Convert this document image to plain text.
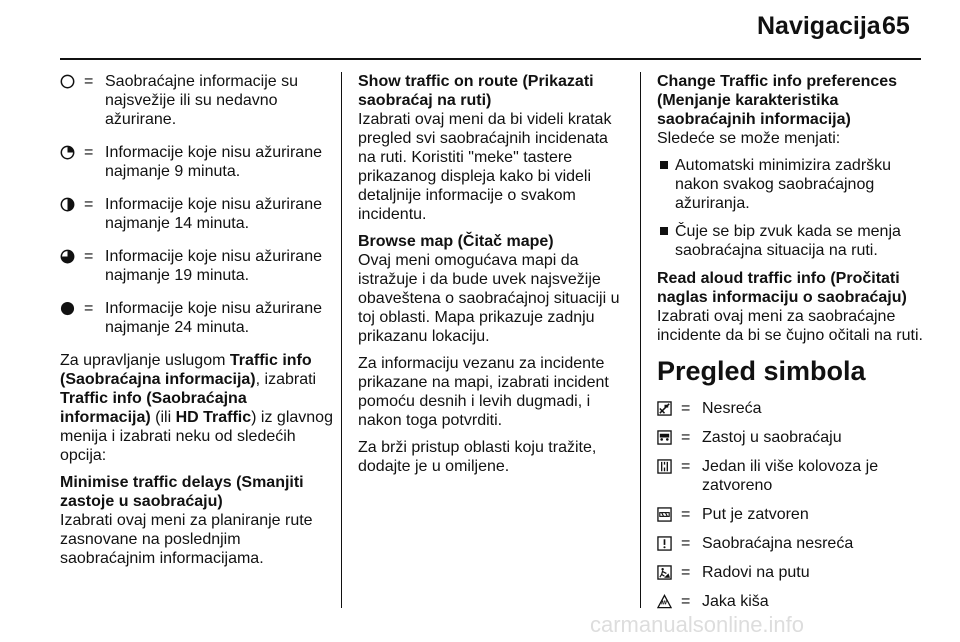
Navigacija 65
= Saobraćajne informacije su najsvežije ili su nedavno ažurirane.
= Informacije koje nisu ažurirane najmanje 9 minuta.
= Informacije koje nisu ažurirane najmanje 14 minuta.
= Informacije koje nisu ažurirane najmanje 19 minuta.
= Informacije koje nisu ažurirane najmanje 24 minuta.

Za upravljanje uslugom Traffic info (Saobraćajna informacija), izabrati Traffic info (Saobraćajna informacija) (ili HD Traffic) iz glavnog menija i izabrati neku od sledećih opcija:

Minimise traffic delays (Smanjiti zastoje u saobraćaju)
Izabrati ovaj meni za planiranje rute zasnovane na poslednjim saobraćajnim informacijama.
Show traffic on route (Prikazati saobraćaj na ruti)
Izabrati ovaj meni da bi videli kratak pregled svi saobraćajnih incidenata na ruti. Koristiti "meke" tastere prikazanog displeja kako bi videli detaljnije informacije o svakom incidentu.
Browse map (Čitač mape)
Ovaj meni omogućava mapi da istražuje i da bude uvek najsvežije obaveštena o saobraćajnoj situaciji u toj oblasti. Mapa prikazuje zadnju prikazanu lokaciju.
Za informaciju vezanu za incidente prikazane na mapi, izabrati incident pomoću desnih i levih dugmadi, i nakon toga potvrditi.
Za brži pristup oblasti koju tražite, dodajte je u omiljene.
Change Traffic info preferences (Menjanje karakteristika saobraćajnih informacija)
Sledeće se može menjati:
Automatski minimizira zadršku nakon svakog saobraćajnog ažuriranja.
Čuje se bip zvuk kada se menja saobraćajna situacija na ruti.
Read aloud traffic info (Pročitati naglas informaciju o saobraćaju)
Izabrati ovaj meni za saobraćajne incidente da bi se čujno očitali na ruti.
Pregled simbola
= Nesreća
= Zastoj u saobraćaju
= Jedan ili više kolovoza je zatvoreno
= Put je zatvoren
= Saobraćajna nesreća
= Radovi na putu
= Jaka kiša
carmanualsonline.info
